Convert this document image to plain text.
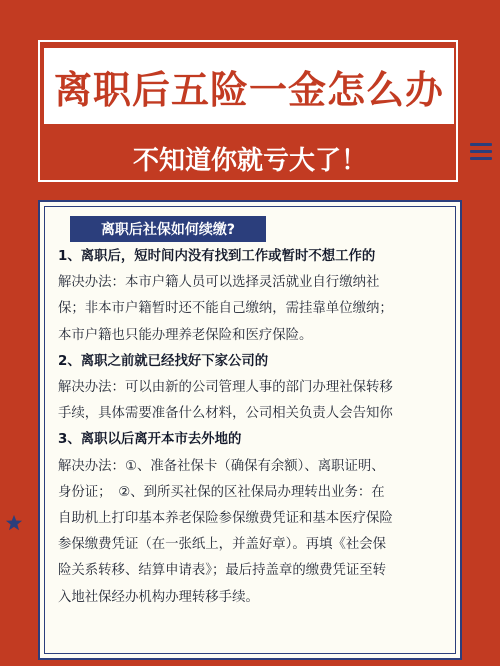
离职后五险一金怎么办
不知道你就亏大了！
离职后社保如何续缴?

1、离职后，短时间内没有找到工作或暂时不想工作的

解决办法：本市户籍人员可以选择灵活就业自行缴纳社

保；非本市户籍暂时还不能自己缴纳，需挂靠单位缴纳；

本市户籍也只能办理养老保险和医疗保险。

2、离职之前就已经找好下家公司的

解决办法：可以由新的公司管理人事的部门办理社保转移

手续，具体需要准备什么材料，公司相关负责人会告知你

3、离职以后离开本市去外地的

解决办法：①、准备社保卡（确保有余额）、离职证明、

身份证；　②、到所买社保的区社保局办理转出业务：在

自助机上打印基本养老保险参保缴费凭证和基本医疗保险

参保缴费凭证（在一张纸上，并盖好章）。再填《社会保

险关系转移、结算申请表》；最后持盖章的缴费凭证至转

入地社保经办机构办理转移手续。
